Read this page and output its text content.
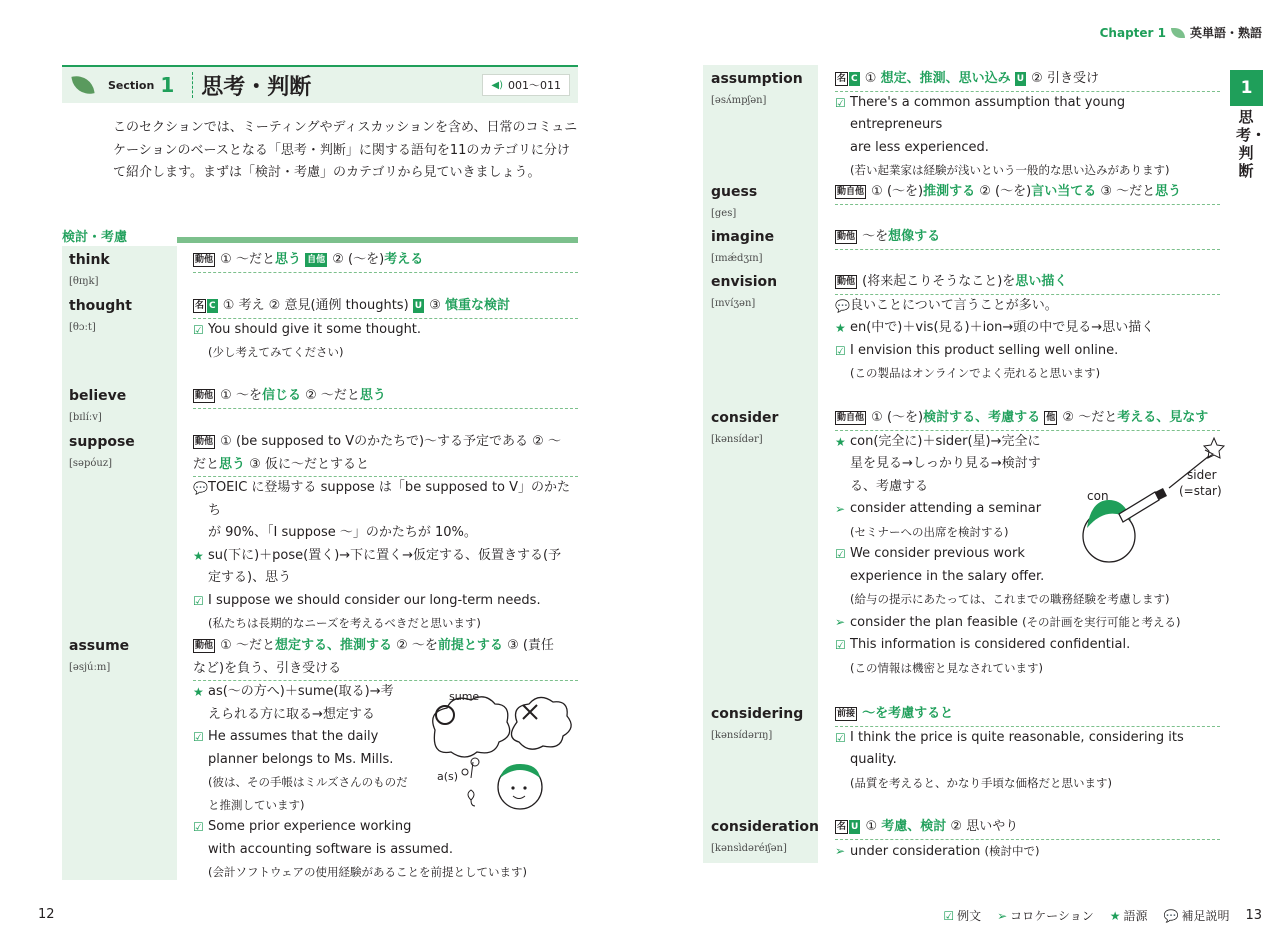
Section 1 思考・判断	◀) 001～011

このセクションでは、ミーティングやディスカッションを含め、日常のコミュニケーションのベースとなる「思考・判断」に関する語句を11のカテゴリに分けて紹介します。まずは「検討・考慮」のカテゴリから見ていきましょう。

検討・考慮
think
[θɪŋk]
動他 ① ～だと思う 自他 ② (～を)考える
thought
[θɔːt]
名 C ① 考え ② 意見(通例 thoughts) U ③ 慎重な検討
☑ You should give it some thought.
(少し考えてみてください)
believe
[bɪlíːv]
動他 ① ～を信じる ② ～だと思う
suppose
[səpóuz]
動他 ① (be supposed to Vのかたちで)～する予定である ② ～
だと思う ③ 仮に～だとすると
💬 TOEIC に登場する suppose は「be supposed to V」のかたち
が 90%、「I suppose ～」のかたちが 10%。
★ su(下に)＋pose(置く)→下に置く→仮定する、仮置きする(予
定する)、思う
☑ I suppose we should consider our long-term needs.
(私たちは長期的なニーズを考えるべきだと思います)
assume
[əsjúːm]
動他 ① ～だと想定する、推測する ② ～を前提とする ③ (責任
など)を負う、引き受ける
★ as(～の方へ)＋sume(取る)→考
えられる方に取る→想定する
☑ He assumes that the daily
planner belongs to Ms. Mills.
(彼は、その手帳はミルズさんのものだ
と推測しています)
☑ Some prior experience working
with accounting software is assumed.
(会計ソフトウェアの使用経験があることを前提としています)
sume
a(s)
12
Chapter 1 英単語・熟語
assumption
[əsʌ́mpʃən]
名 C ① 想定、推測、思い込み U ② 引き受け
☑ There's a common assumption that young entrepreneurs
are less experienced.
(若い起業家は経験が浅いという一般的な思い込みがあります)
guess
[ges]
動自他 ① (～を)推測する ② (～を)言い当てる ③ ～だと思う
imagine
[ɪmǽdʒɪn]
動他 ～を想像する
envision
[ɪnvíʒən]
動他 (将来起こりそうなこと)を思い描く
💬 良いことについて言うことが多い。
★ en(中で)＋vis(見る)＋ion→頭の中で見る→思い描く
☑ I envision this product selling well online.
(この製品はオンラインでよく売れると思います)
consider
[kənsídər]
動自他 ① (～を)検討する、考慮する 他 ② ～だと考える、見なす
★ con(完全に)＋sider(星)→完全に
星を見る→しっかり見る→検討す
る、考慮する
➢ consider attending a seminar
(セミナーへの出席を検討する)
☑ We consider previous work
experience in the salary offer.
(給与の提示にあたっては、これまでの職務経験を考慮します)
➢ consider the plan feasible (その計画を実行可能と考える)
☑ This information is considered confidential.
(この情報は機密と見なされています)
sider
(=star)
con
considering
[kənsídərɪŋ]
前接 ～を考慮すると
☑ I think the price is quite reasonable, considering its
quality.
(品質を考えると、かなり手頃な価格だと思います)
consideration
[kənsìdəréɪʃən]
名 U ① 考慮、検討 ② 思いやり
➢ under consideration (検討中で)
☑ 例文 ➢ コロケーション ★ 語源 💬 補足説明 13
1
思考・判断
